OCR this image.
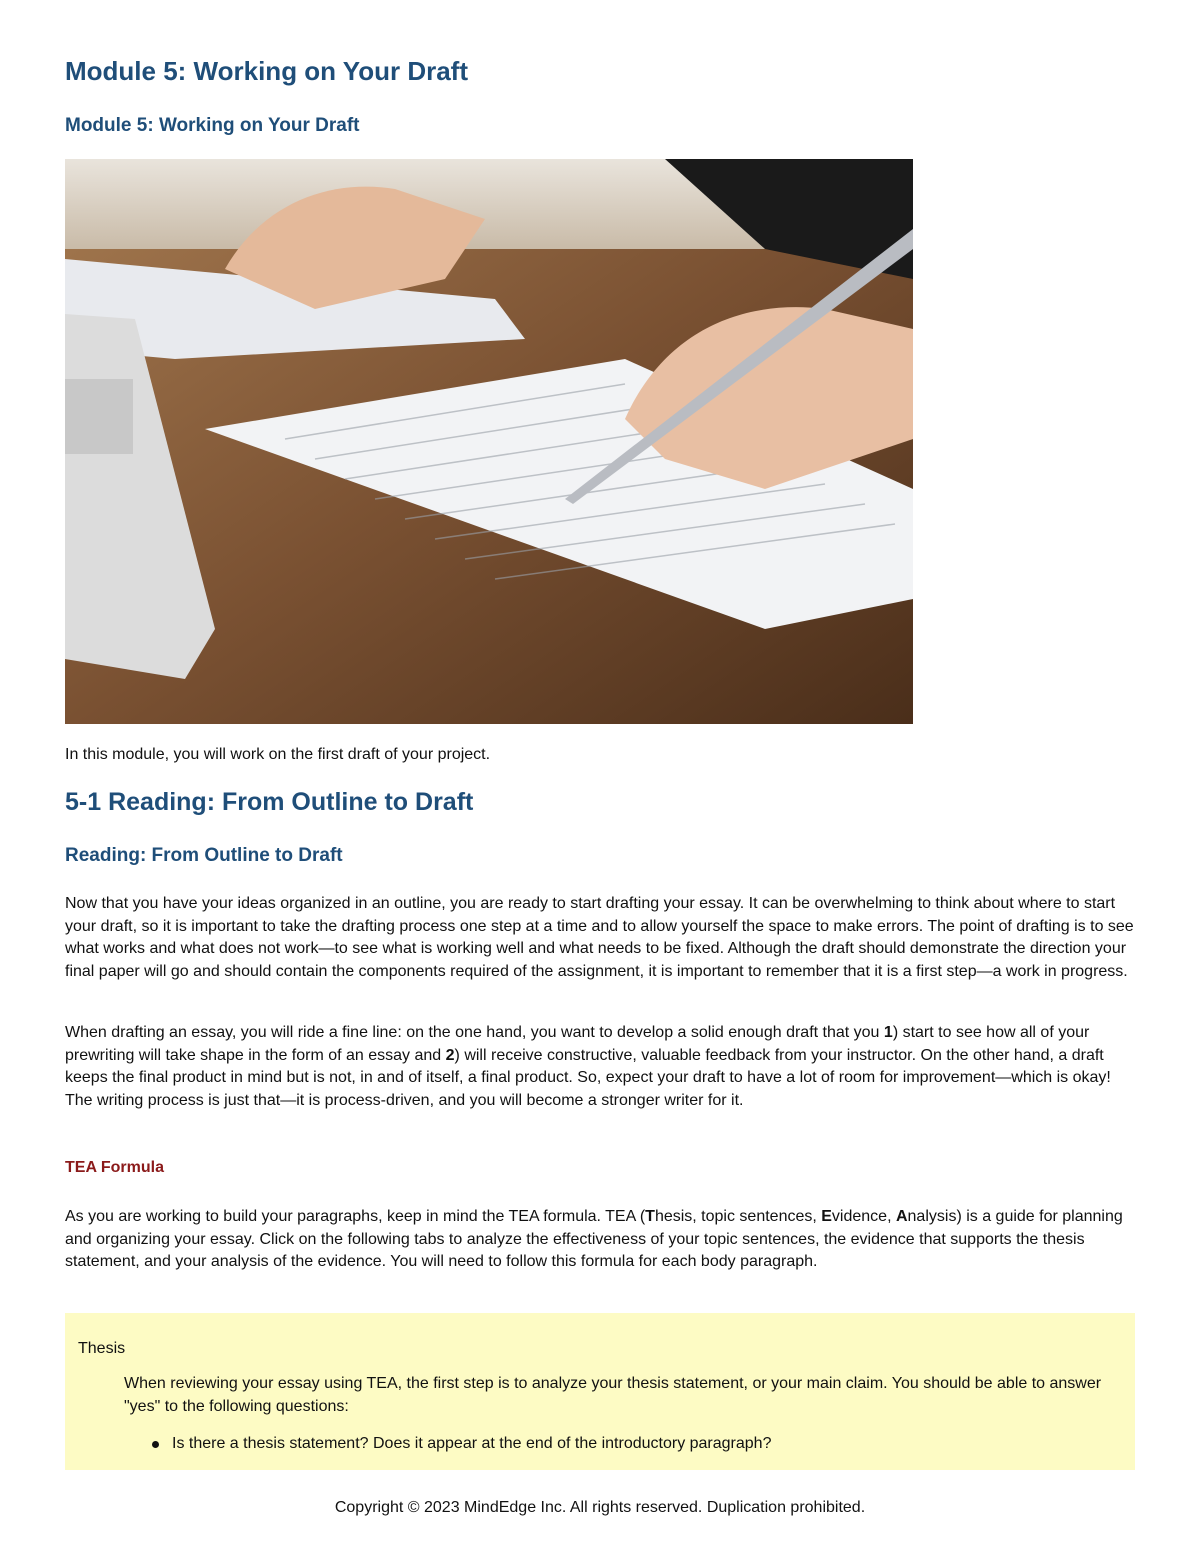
Module 5: Working on Your Draft
Module 5: Working on Your Draft

In this module, you will work on the first draft of your project.

5-1 Reading: From Outline to Draft
Reading: From Outline to Draft

Now that you have your ideas organized in an outline, you are ready to start drafting your essay. It can be overwhelming to think about where to start your draft, so it is important to take the drafting process one step at a time and to allow yourself the space to make errors. The point of drafting is to see what works and what does not work—to see what is working well and what needs to be fixed. Although the draft should demonstrate the direction your final paper will go and should contain the components required of the assignment, it is important to remember that it is a first step—a work in progress.

When drafting an essay, you will ride a fine line: on the one hand, you want to develop a solid enough draft that you 1) start to see how all of your prewriting will take shape in the form of an essay and 2) will receive constructive, valuable feedback from your instructor. On the other hand, a draft keeps the final product in mind but is not, in and of itself, a final product. So, expect your draft to have a lot of room for improvement—which is okay! The writing process is just that—it is process-driven, and you will become a stronger writer for it.

TEA Formula

As you are working to build your paragraphs, keep in mind the TEA formula. TEA (Thesis, topic sentences, Evidence, Analysis) is a guide for planning and organizing your essay. Click on the following tabs to analyze the effectiveness of your topic sentences, the evidence that supports the thesis statement, and your analysis of the evidence. You will need to follow this formula for each body paragraph.

Thesis

When reviewing your essay using TEA, the first step is to analyze your thesis statement, or your main claim. You should be able to answer "yes" to the following questions:

Is there a thesis statement? Does it appear at the end of the introductory paragraph?
Copyright © 2023 MindEdge Inc. All rights reserved. Duplication prohibited.
